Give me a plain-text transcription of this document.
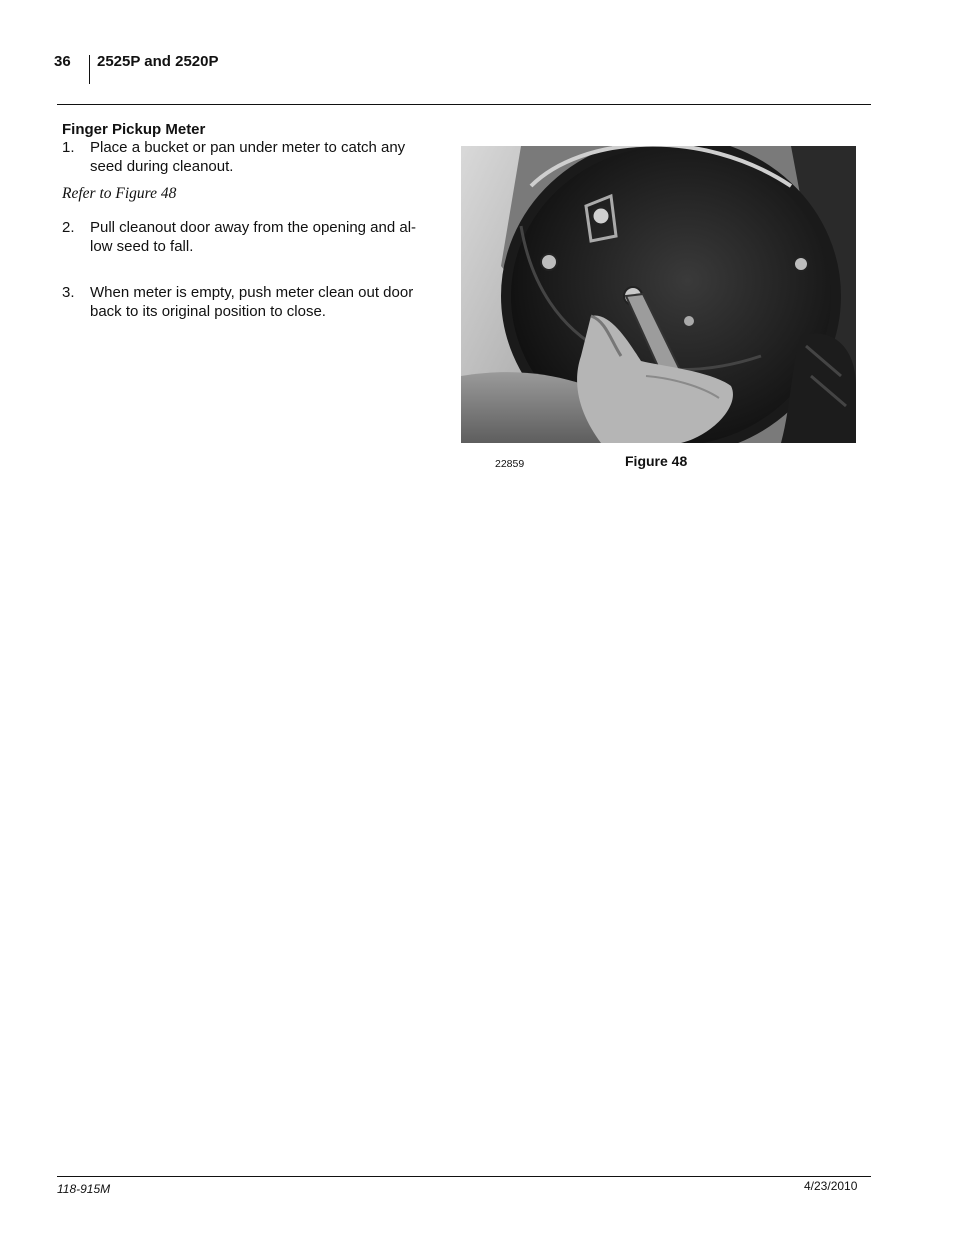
36 2525P and 2520P
Finger Pickup Meter
1.	Place a bucket or pan under meter to catch any seed during cleanout.
Refer to Figure 48
2.	Pull cleanout door away from the opening and al-low seed to fall.
3.	When meter is empty, push meter clean out door back to its original position to close.
22859	Figure 48
118-915M	4/23/2010
